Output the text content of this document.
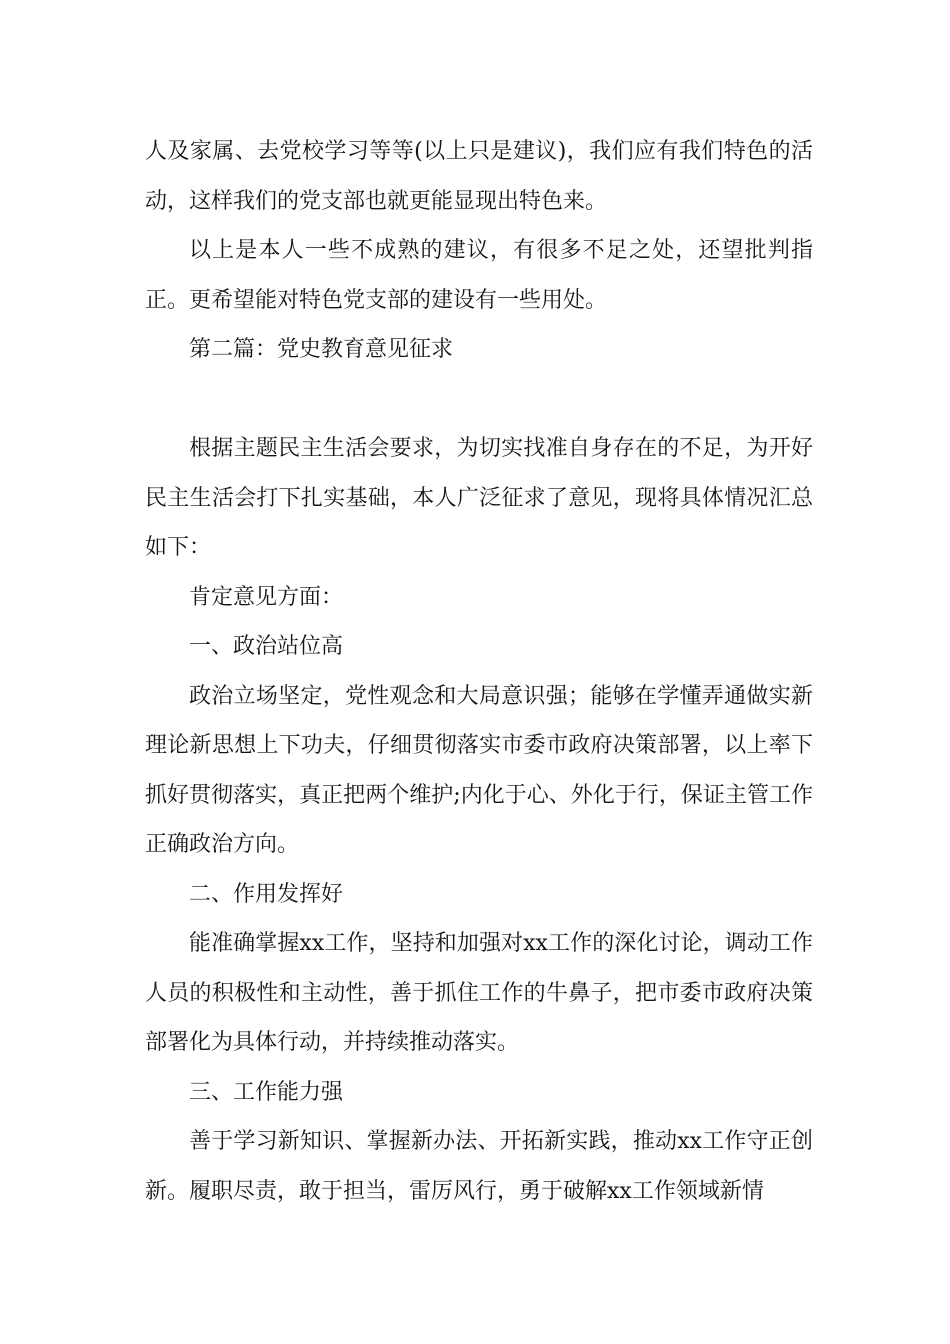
人及家属、去党校学习等等(以上只是建议)，我们应有我们特色的活动，这样我们的党支部也就更能显现出特色来。

以上是本人一些不成熟的建议，有很多不足之处，还望批判指正。更希望能对特色党支部的建设有一些用处。

第二篇：党史教育意见征求

根据主题民主生活会要求，为切实找准自身存在的不足，为开好民主生活会打下扎实基础，本人广泛征求了意见，现将具体情况汇总如下：

肯定意见方面：

一、政治站位高

政治立场坚定，党性观念和大局意识强；能够在学懂弄通做实新理论新思想上下功夫，仔细贯彻落实市委市政府决策部署，以上率下抓好贯彻落实，真正把两个维护;内化于心、外化于行，保证主管工作正确政治方向。

二、作用发挥好

能准确掌握xx工作，坚持和加强对xx工作的深化讨论，调动工作人员的积极性和主动性，善于抓住工作的牛鼻子，把市委市政府决策部署化为具体行动，并持续推动落实。

三、工作能力强

善于学习新知识、掌握新办法、开拓新实践，推动xx工作守正创新。履职尽责，敢于担当，雷厉风行，勇于破解xx工作领域新情
